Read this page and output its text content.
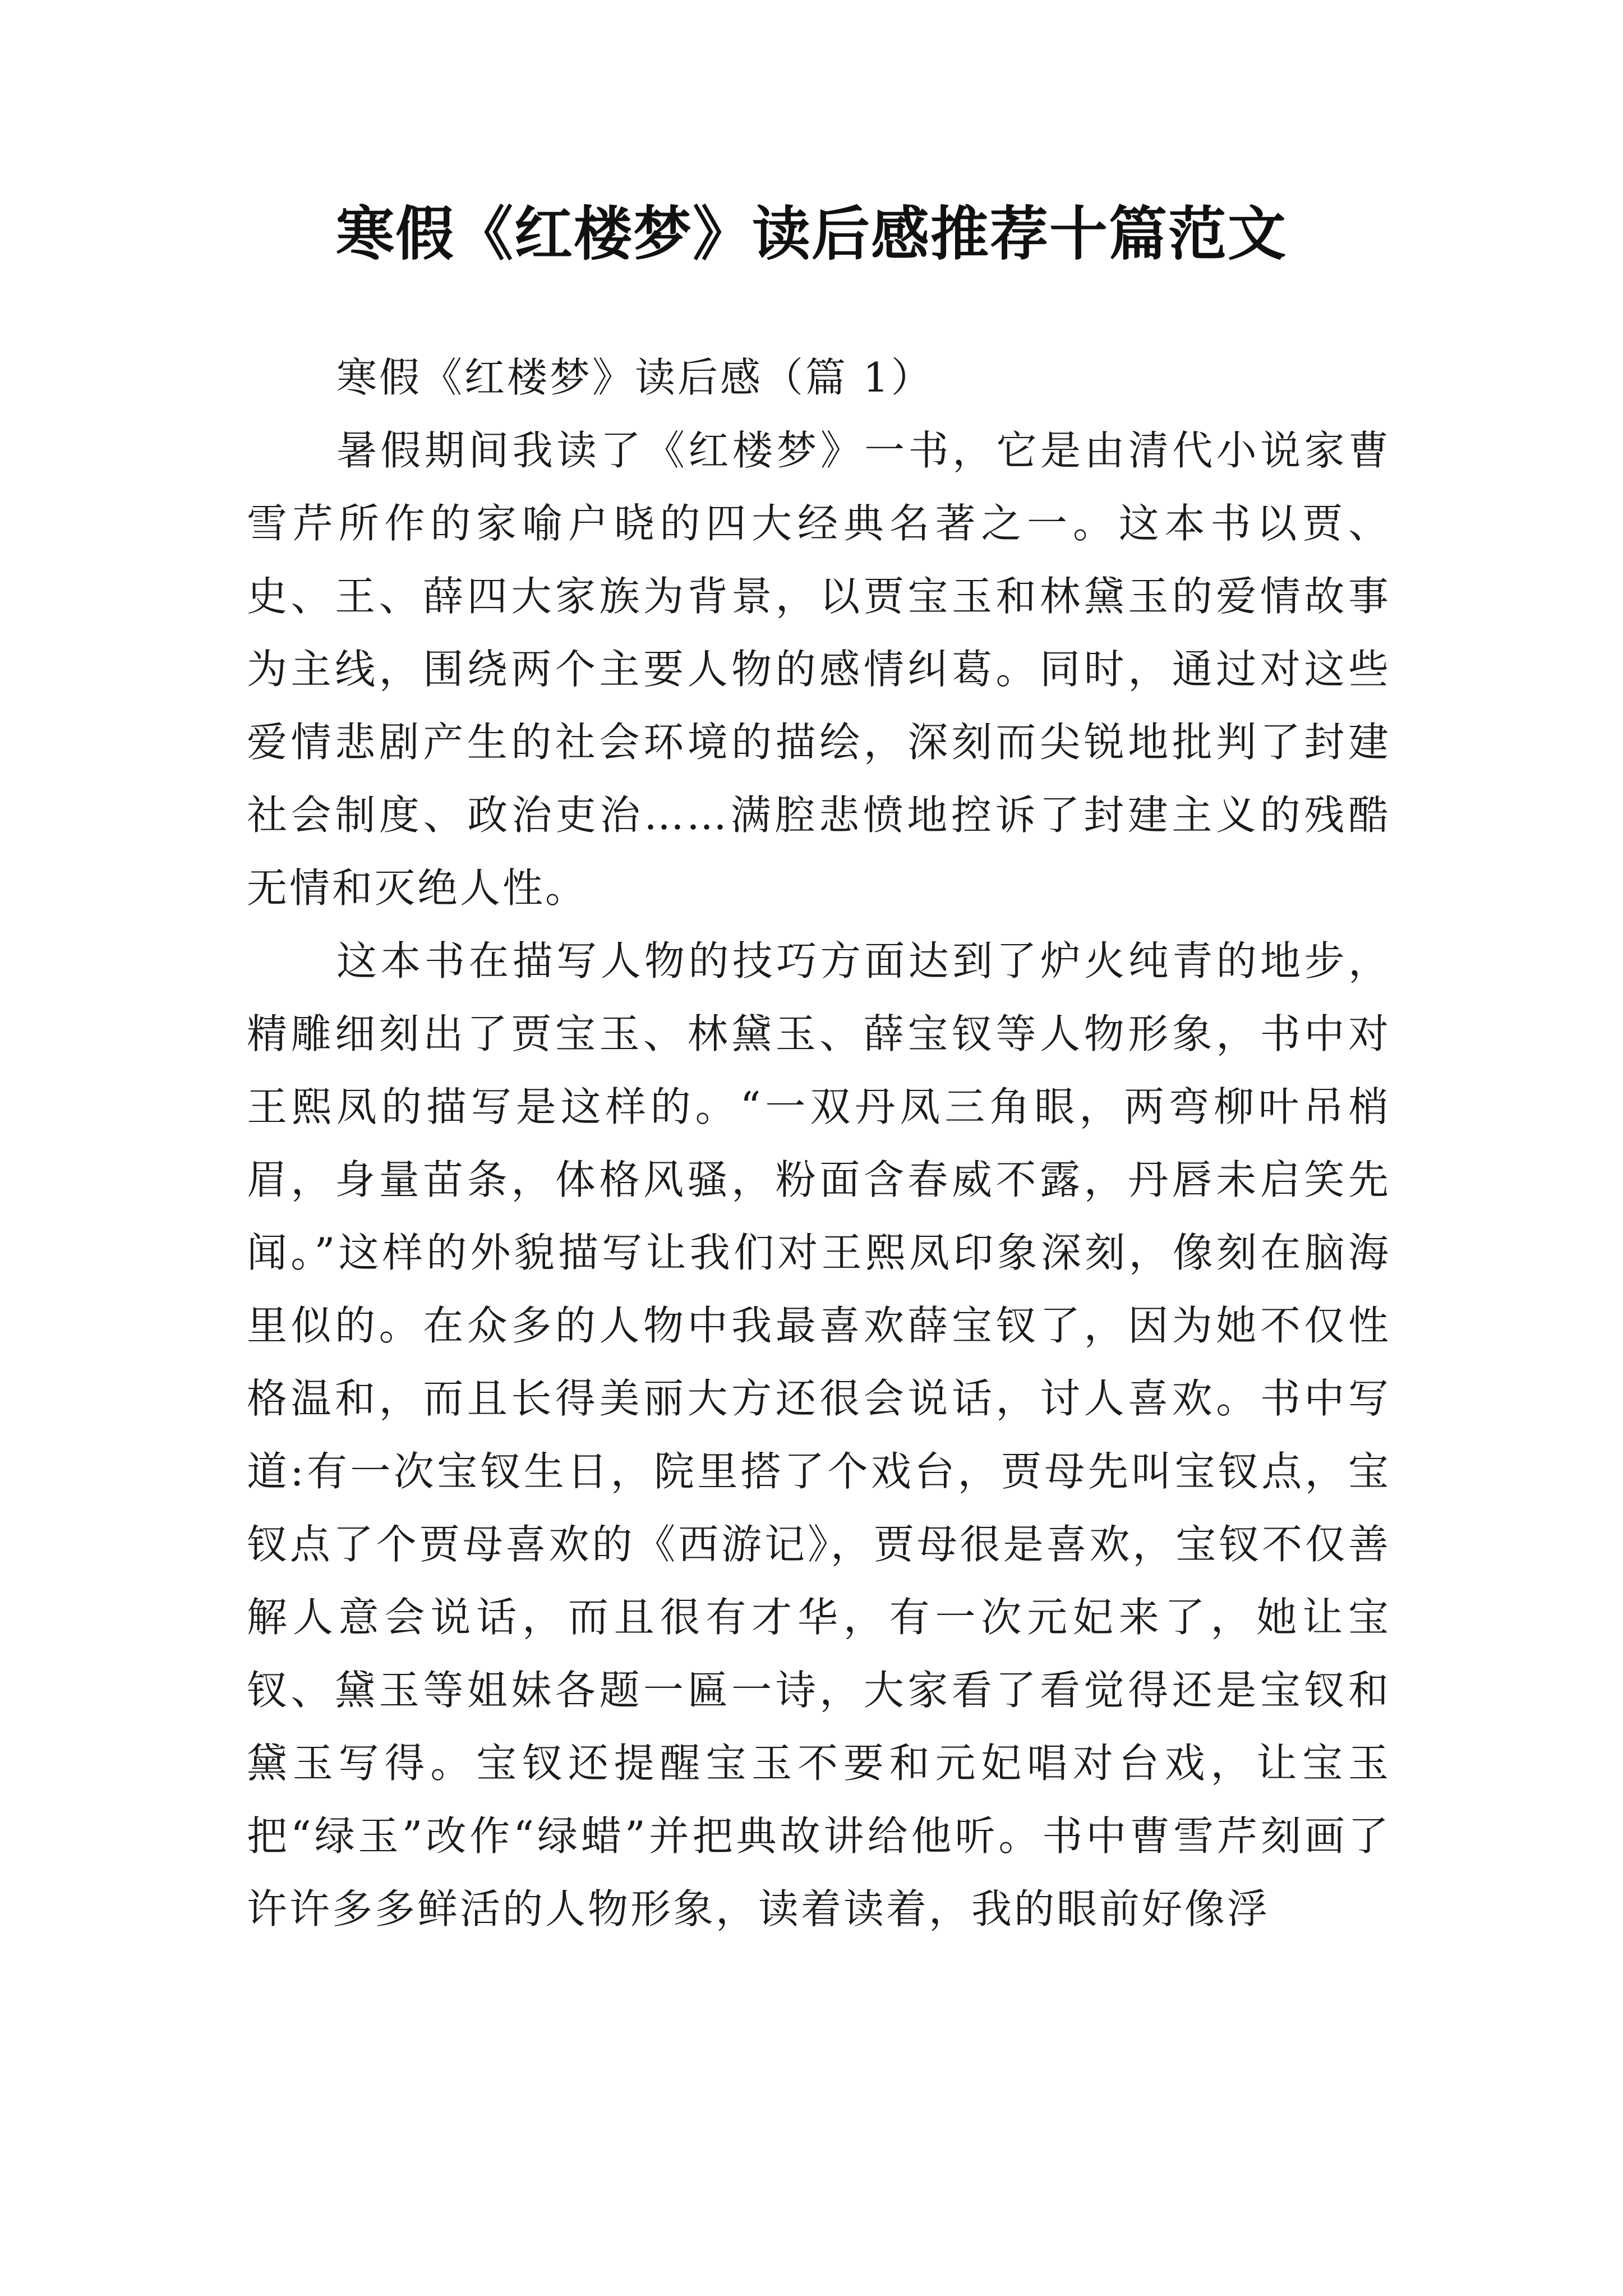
寒假《红楼梦》读后感推荐十篇范文

寒假《红楼梦》读后感（篇 1）

暑假期间我读了《红楼梦》一书，它是由清代小说家曹雪芹所作的家喻户晓的四大经典名著之一。这本书以贾、史、王、薛四大家族为背景，以贾宝玉和林黛玉的爱情故事为主线，围绕两个主要人物的感情纠葛。同时，通过对这些爱情悲剧产生的社会环境的描绘，深刻而尖锐地批判了封建社会制度、政治吏治……满腔悲愤地控诉了封建主义的残酷无情和灭绝人性。

这本书在描写人物的技巧方面达到了炉火纯青的地步，精雕细刻出了贾宝玉、林黛玉、薛宝钗等人物形象，书中对王熙凤的描写是这样的。“一双丹凤三角眼，两弯柳叶吊梢眉，身量苗条，体格风骚，粉面含春威不露，丹唇未启笑先闻。”这样的外貌描写让我们对王熙凤印象深刻，像刻在脑海里似的。在众多的人物中我最喜欢薛宝钗了，因为她不仅性格温和，而且长得美丽大方还很会说话，讨人喜欢。书中写道:有一次宝钗生日，院里搭了个戏台，贾母先叫宝钗点，宝钗点了个贾母喜欢的《西游记》，贾母很是喜欢，宝钗不仅善解人意会说话，而且很有才华，有一次元妃来了，她让宝钗、黛玉等姐妹各题一匾一诗，大家看了看觉得还是宝钗和黛玉写得。宝钗还提醒宝玉不要和元妃唱对台戏，让宝玉把“绿玉”改作“绿蜡”并把典故讲给他听。书中曹雪芹刻画了许许多多鲜活的人物形象，读着读着，我的眼前好像浮
